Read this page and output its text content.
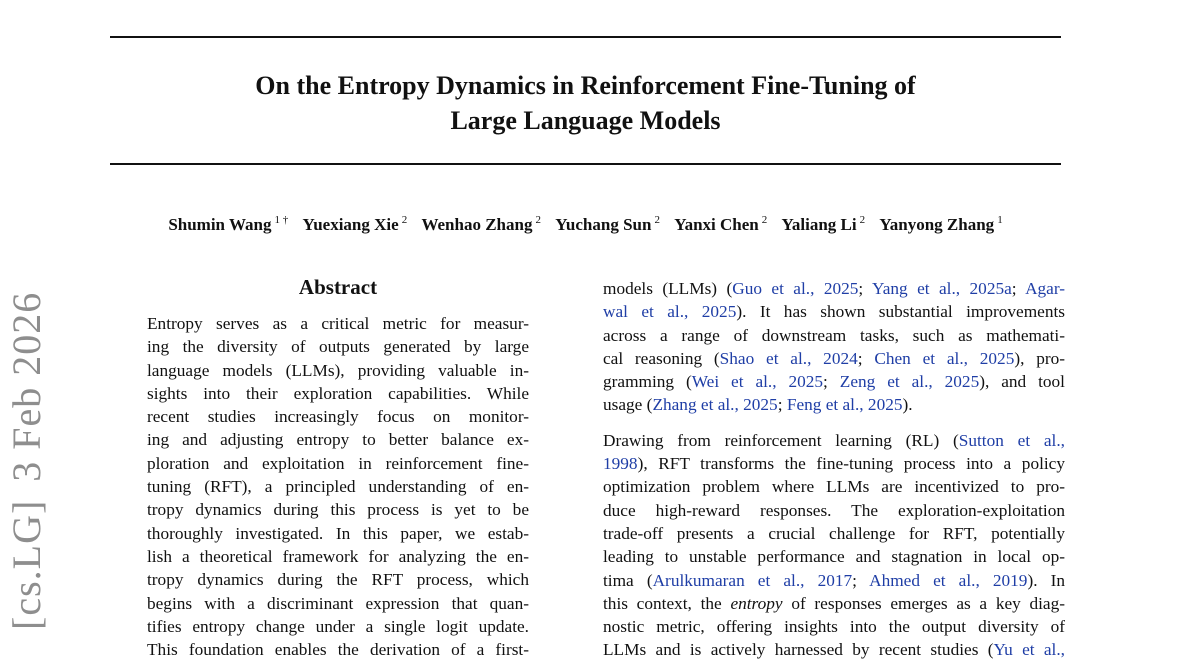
On the Entropy Dynamics in Reinforcement Fine-Tuning of
Large Language Models
Shumin Wang $^{1 \dagger}$ Yuexiang Xie $^2$ Wenhao Zhang $^2$ Yuchang Sun $^2$ Yanxi Chen $^2$ Yaliang Li $^2$ Yanyong Zhang $^1$
[cs.LG]3 Feb 2026
Abstract
Entropy serves as a critical metric for measur-
ing the diversity of outputs generated by large
language models (LLMs), providing valuable in-
sights into their exploration capabilities. While
recent studies increasingly focus on monitor-
ing and adjusting entropy to better balance ex-
ploration and exploitation in reinforcement fine-
tuning (RFT), a principled understanding of en-
tropy dynamics during this process is yet to be
thoroughly investigated. In this paper, we estab-
lish a theoretical framework for analyzing the en-
tropy dynamics during the RFT process, which
begins with a discriminant expression that quan-
tifies entropy change under a single logit update.
This foundation enables the derivation of a first-
models (LLMs) (Guo et al., 2025; Yang et al., 2025a; Agar-
wal et al., 2025). It has shown substantial improvements
across a range of downstream tasks, such as mathemati-
cal reasoning (Shao et al., 2024; Chen et al., 2025), pro-
gramming (Wei et al., 2025; Zeng et al., 2025), and tool
usage (Zhang et al., 2025; Feng et al., 2025).
Drawing from reinforcement learning (RL) (Sutton et al.,
1998), RFT transforms the fine-tuning process into a policy
optimization problem where LLMs are incentivized to pro-
duce high-reward responses. The exploration-exploitation
trade-off presents a crucial challenge for RFT, potentially
leading to unstable performance and stagnation in local op-
tima (Arulkumaran et al., 2017; Ahmed et al., 2019). In
this context, the entropy of responses emerges as a key diag-
nostic metric, offering insights into the output diversity of
LLMs and is actively harnessed by recent studies (Yu et al.,
